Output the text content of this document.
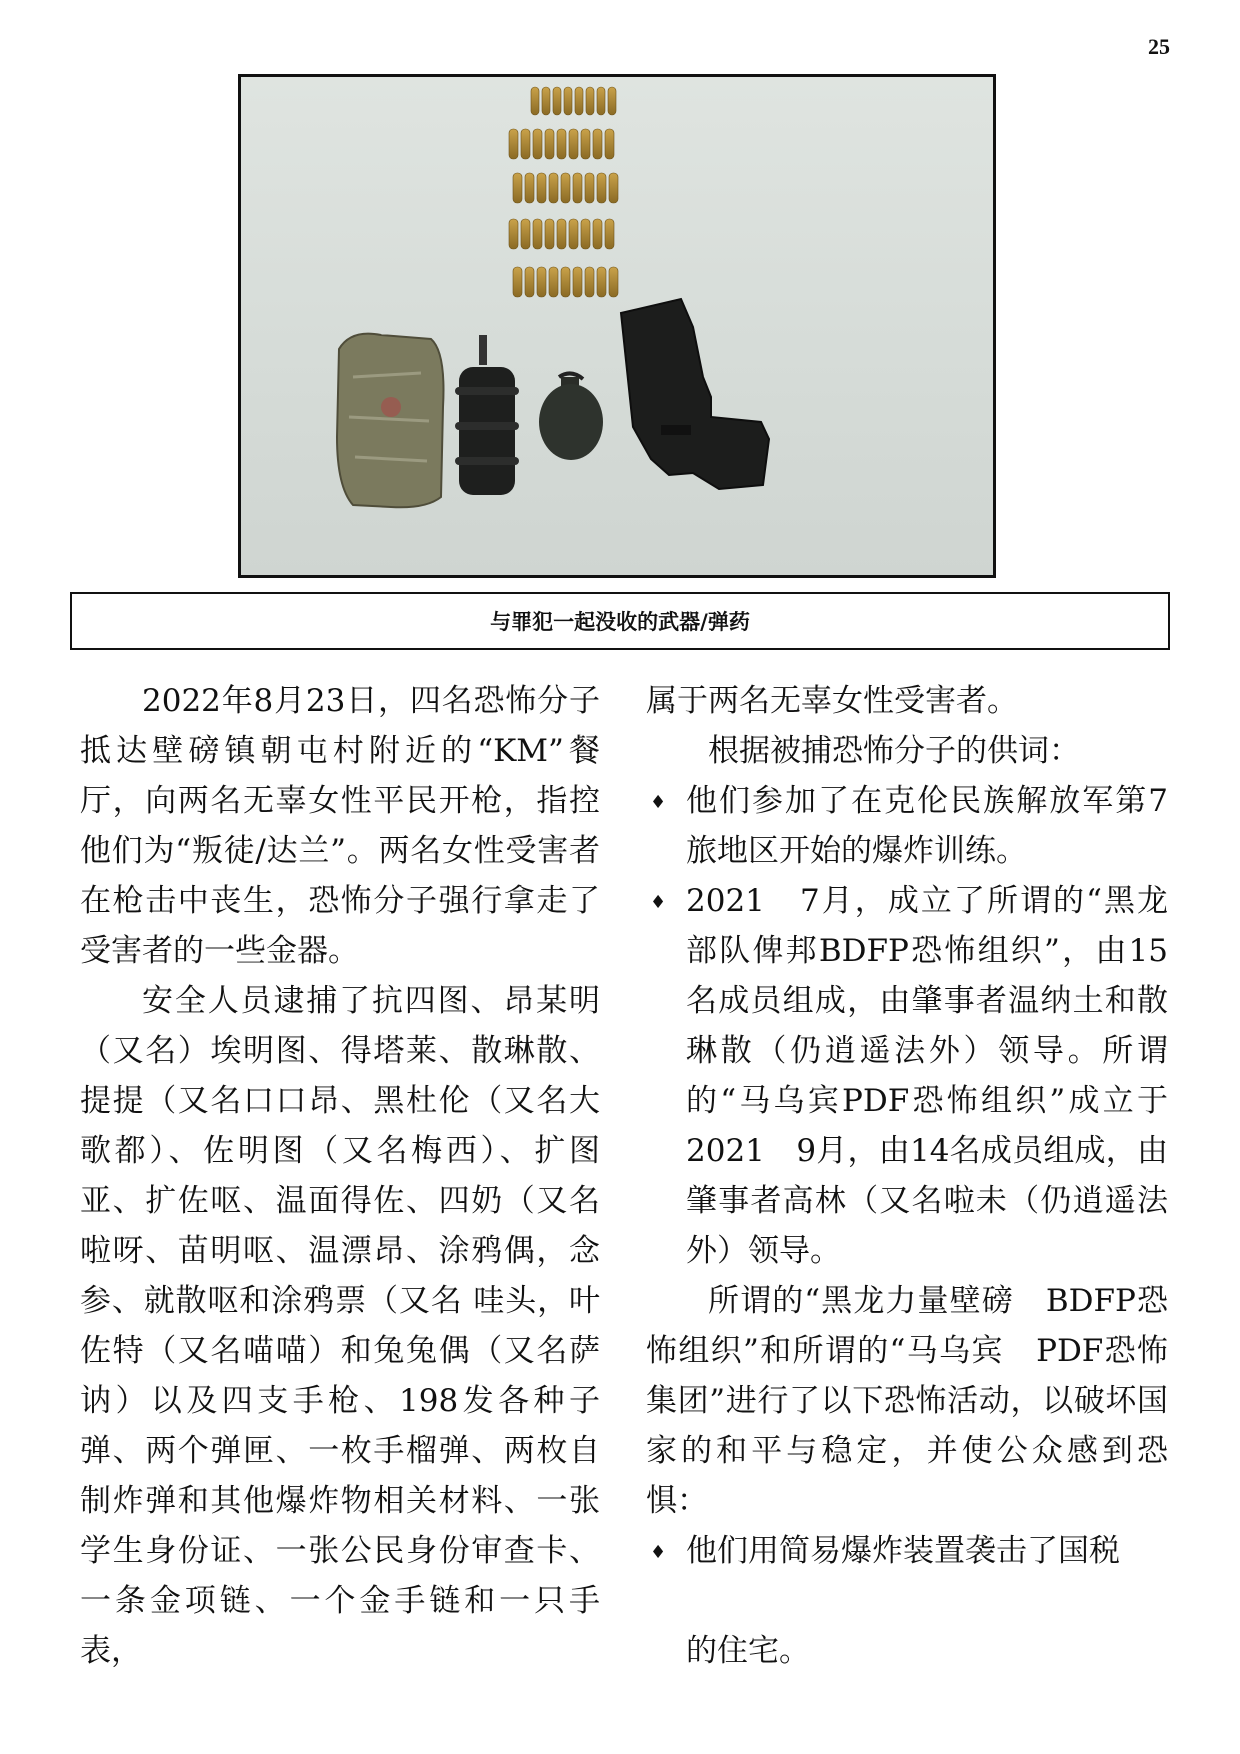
25
与罪犯一起没收的武器/弹药

2022年8月23日，四名恐怖分子抵达壁磅镇朝屯村附近的“KM”餐厅，向两名无辜女性平民开枪，指控他们为“叛徒/达兰”。两名女性受害者在枪击中丧生，恐怖分子强行拿走了受害者的一些金器。

安全人员逮捕了抗四图、昂某明（又名）埃明图、得塔莱、散琳散、提提（又名口口昂、黑杜伦（又名大歌都）、佐明图（又名梅西）、扩图亚、扩佐呕、温面得佐、四奶（又名啦呀、苗明呕、温漂昂、涂鸦偶，念参、就散呕和涂鸦票（又名 哇头，叶佐特（又名喵喵）和兔兔偶（又名萨讷）以及四支手枪、198发各种子弹、两个弹匣、一枚手榴弹、两枚自制炸弹和其他爆炸物相关材料、一张学生身份证、一张公民身份审查卡、一条金项链、一个金手链和一只手表，

属于两名无辜女性受害者。

根据被捕恐怖分子的供词：

♦ 他们参加了在克伦民族解放军第7旅地区开始的爆炸训练。
♦ 2021　7月，成立了所谓的“黑龙部队俾邦BDFP恐怖组织”，由15名成员组成，由肇事者温纳土和散琳散（仍逍遥法外）领导。所谓的“马乌宾PDF恐怖组织”成立于2021　9月，由14名成员组成，由肇事者高林（又名啦未（仍逍遥法外）领导。

所谓的“黑龙力量壁磅　BDFP恐怖组织”和所谓的“马乌宾　PDF恐怖集团”进行了以下恐怖活动，以破坏国家的和平与稳定，并使公众感到恐惧：

♦ 他们用简易爆炸装置袭击了国税
的住宅。
